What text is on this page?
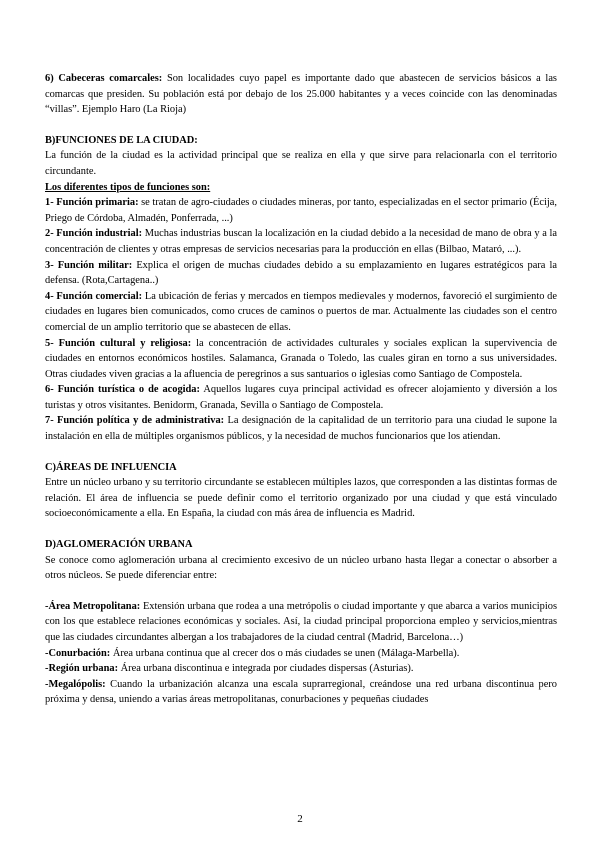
6) Cabeceras comarcales: Son localidades cuyo papel es importante dado que abastecen de servicios básicos a las comarcas que presiden. Su población está por debajo de los 25.000 habitantes y a veces coincide con las denominadas “villas”. Ejemplo Haro (La Rioja)

B)FUNCIONES DE LA CIUDAD:

La función de la ciudad es la actividad principal que se realiza en ella y que sirve para relacionarla con el territorio circundante.

Los diferentes tipos de funciones son:

1- Función primaria: se tratan de agro-ciudades o ciudades mineras, por tanto, especializadas en el sector primario (Écija, Priego de Córdoba, Almadén, Ponferrada, ...)

2- Función industrial: Muchas industrias buscan la localización en la ciudad debido a la necesidad de mano de obra y a la concentración de clientes y otras empresas de servicios necesarias para la producción en ellas (Bilbao, Mataró, ...).

3- Función militar: Explica el origen de muchas ciudades debido a su emplazamiento en lugares estratégicos para la defensa. (Rota,Cartagena..)

4- Función comercial: La ubicación de ferias y mercados en tiempos medievales y modernos, favoreció el surgimiento de ciudades en lugares bien comunicados, como cruces de caminos o puertos de mar. Actualmente las ciudades son el centro comercial de un amplio territorio que se abastecen de ellas.

5- Función cultural y religiosa: la concentración de actividades culturales y sociales explican la supervivencia de ciudades en entornos económicos hostiles. Salamanca, Granada o Toledo, las cuales giran en torno a sus universidades. Otras ciudades viven gracias a la afluencia de peregrinos a sus santuarios o iglesias como Santiago de Compostela.

6- Función turística o de acogida: Aquellos lugares cuya principal actividad es ofrecer alojamiento y diversión a los turistas y otros visitantes. Benidorm, Granada, Sevilla o Santiago de Compostela.

7- Función política y de administrativa: La designación de la capitalidad de un territorio para una ciudad le supone la instalación en ella de múltiples organismos públicos, y la necesidad de muchos funcionarios que los atiendan.

C)ÁREAS DE INFLUENCIA

Entre un núcleo urbano y su territorio circundante se establecen múltiples lazos, que corresponden a las distintas formas de relación. El área de influencia se puede definir como el territorio organizado por una ciudad y que está vinculado socioeconómicamente a ella. En España, la ciudad con más área de influencia es Madrid.

D)AGLOMERACIÓN URBANA

Se conoce como aglomeración urbana al crecimiento excesivo de un núcleo urbano hasta llegar a conectar o absorber a otros núcleos. Se puede diferenciar entre:

-Área Metropolitana: Extensión urbana que rodea a una metrópolis o ciudad importante y que abarca a varios municipios con los que establece relaciones económicas y sociales. Así, la ciudad principal proporciona empleo y servicios,mientras que las ciudades circundantes albergan a los trabajadores de la ciudad central (Madrid, Barcelona…)

-Conurbación: Área urbana continua que al crecer dos o más ciudades se unen (Málaga-Marbella).

-Región urbana: Área urbana discontinua e integrada por ciudades dispersas (Asturias).

-Megalópolis: Cuando la urbanización alcanza una escala suprarregional, creándose una red urbana discontinua pero próxima y densa, uniendo a varias áreas metropolitanas, conurbaciones y pequeñas ciudades

2
